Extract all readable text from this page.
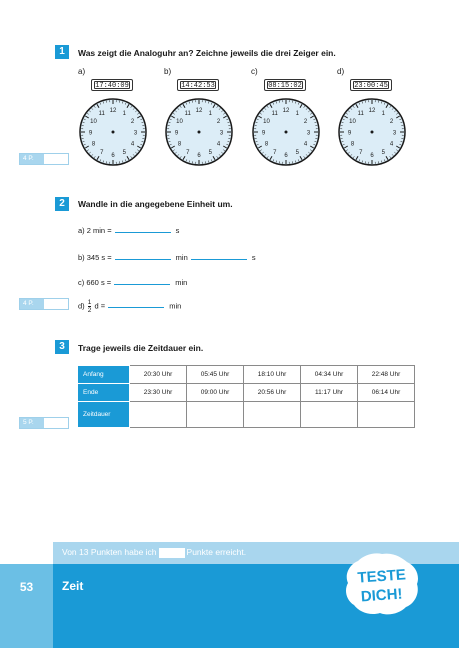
1	Was zeigt die Analoguhr an? Zeichne jeweils die drei Zeiger ein.
a)
17:40:09
12
1
2
3
4
5
6
7
8
9
10
11
b)
14:42:53
12
1
2
3
4
5
6
7
8
9
10
11
c)
08:15:02
12
1
2
3
4
5
6
7
8
9
10
11
d)
23:00:45
12
1
2
3
4
5
6
7
8
9
10
11
4 P.
2	Wandle in die angegebene Einheit um.
a) 2 min =	s
b) 345 s =	min	s
c) 660 s =	min
$d) \frac{1}{2}$ d =	min
4 P.
3	Trage jeweils die Zeitdauer ein.
Anfang	20:30 Uhr	05:45 Uhr	18:10 Uhr	04:34 Uhr	22:48 Uhr
Ende	23:30 Uhr	09:00 Uhr	20:56 Uhr	11:17 Uhr	06:14 Uhr
Zeitdauer					
5 P.
Von 13 Punkten habe ich	Punkte erreicht.
53	Zeit	TESTE
DICH!
